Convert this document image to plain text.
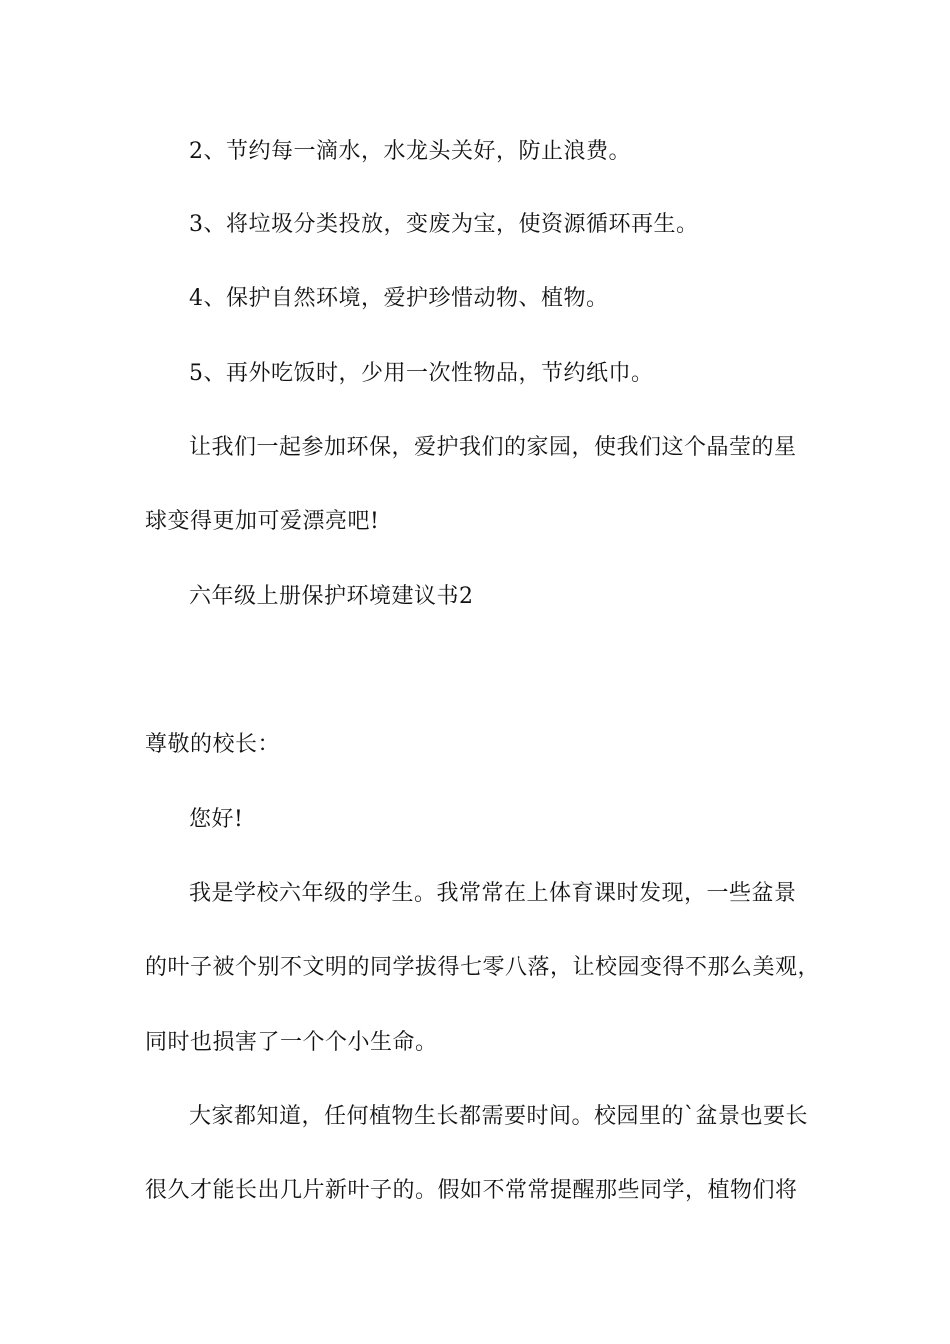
2、节约每一滴水，水龙头关好，防止浪费。
3、将垃圾分类投放，变废为宝，使资源循环再生。
4、保护自然环境，爱护珍惜动物、植物。
5、再外吃饭时，少用一次性物品，节约纸巾。
让我们一起参加环保，爱护我们的家园，使我们这个晶莹的星
球变得更加可爱漂亮吧!
六年级上册保护环境建议书2
尊敬的校长：
您好!
我是学校六年级的学生。我常常在上体育课时发现，一些盆景
的叶子被个别不文明的同学拔得七零八落，让校园变得不那么美观，
同时也损害了一个个小生命。
大家都知道，任何植物生长都需要时间。校园里的`盆景也要长
很久才能长出几片新叶子的。假如不常常提醒那些同学，植物们将
